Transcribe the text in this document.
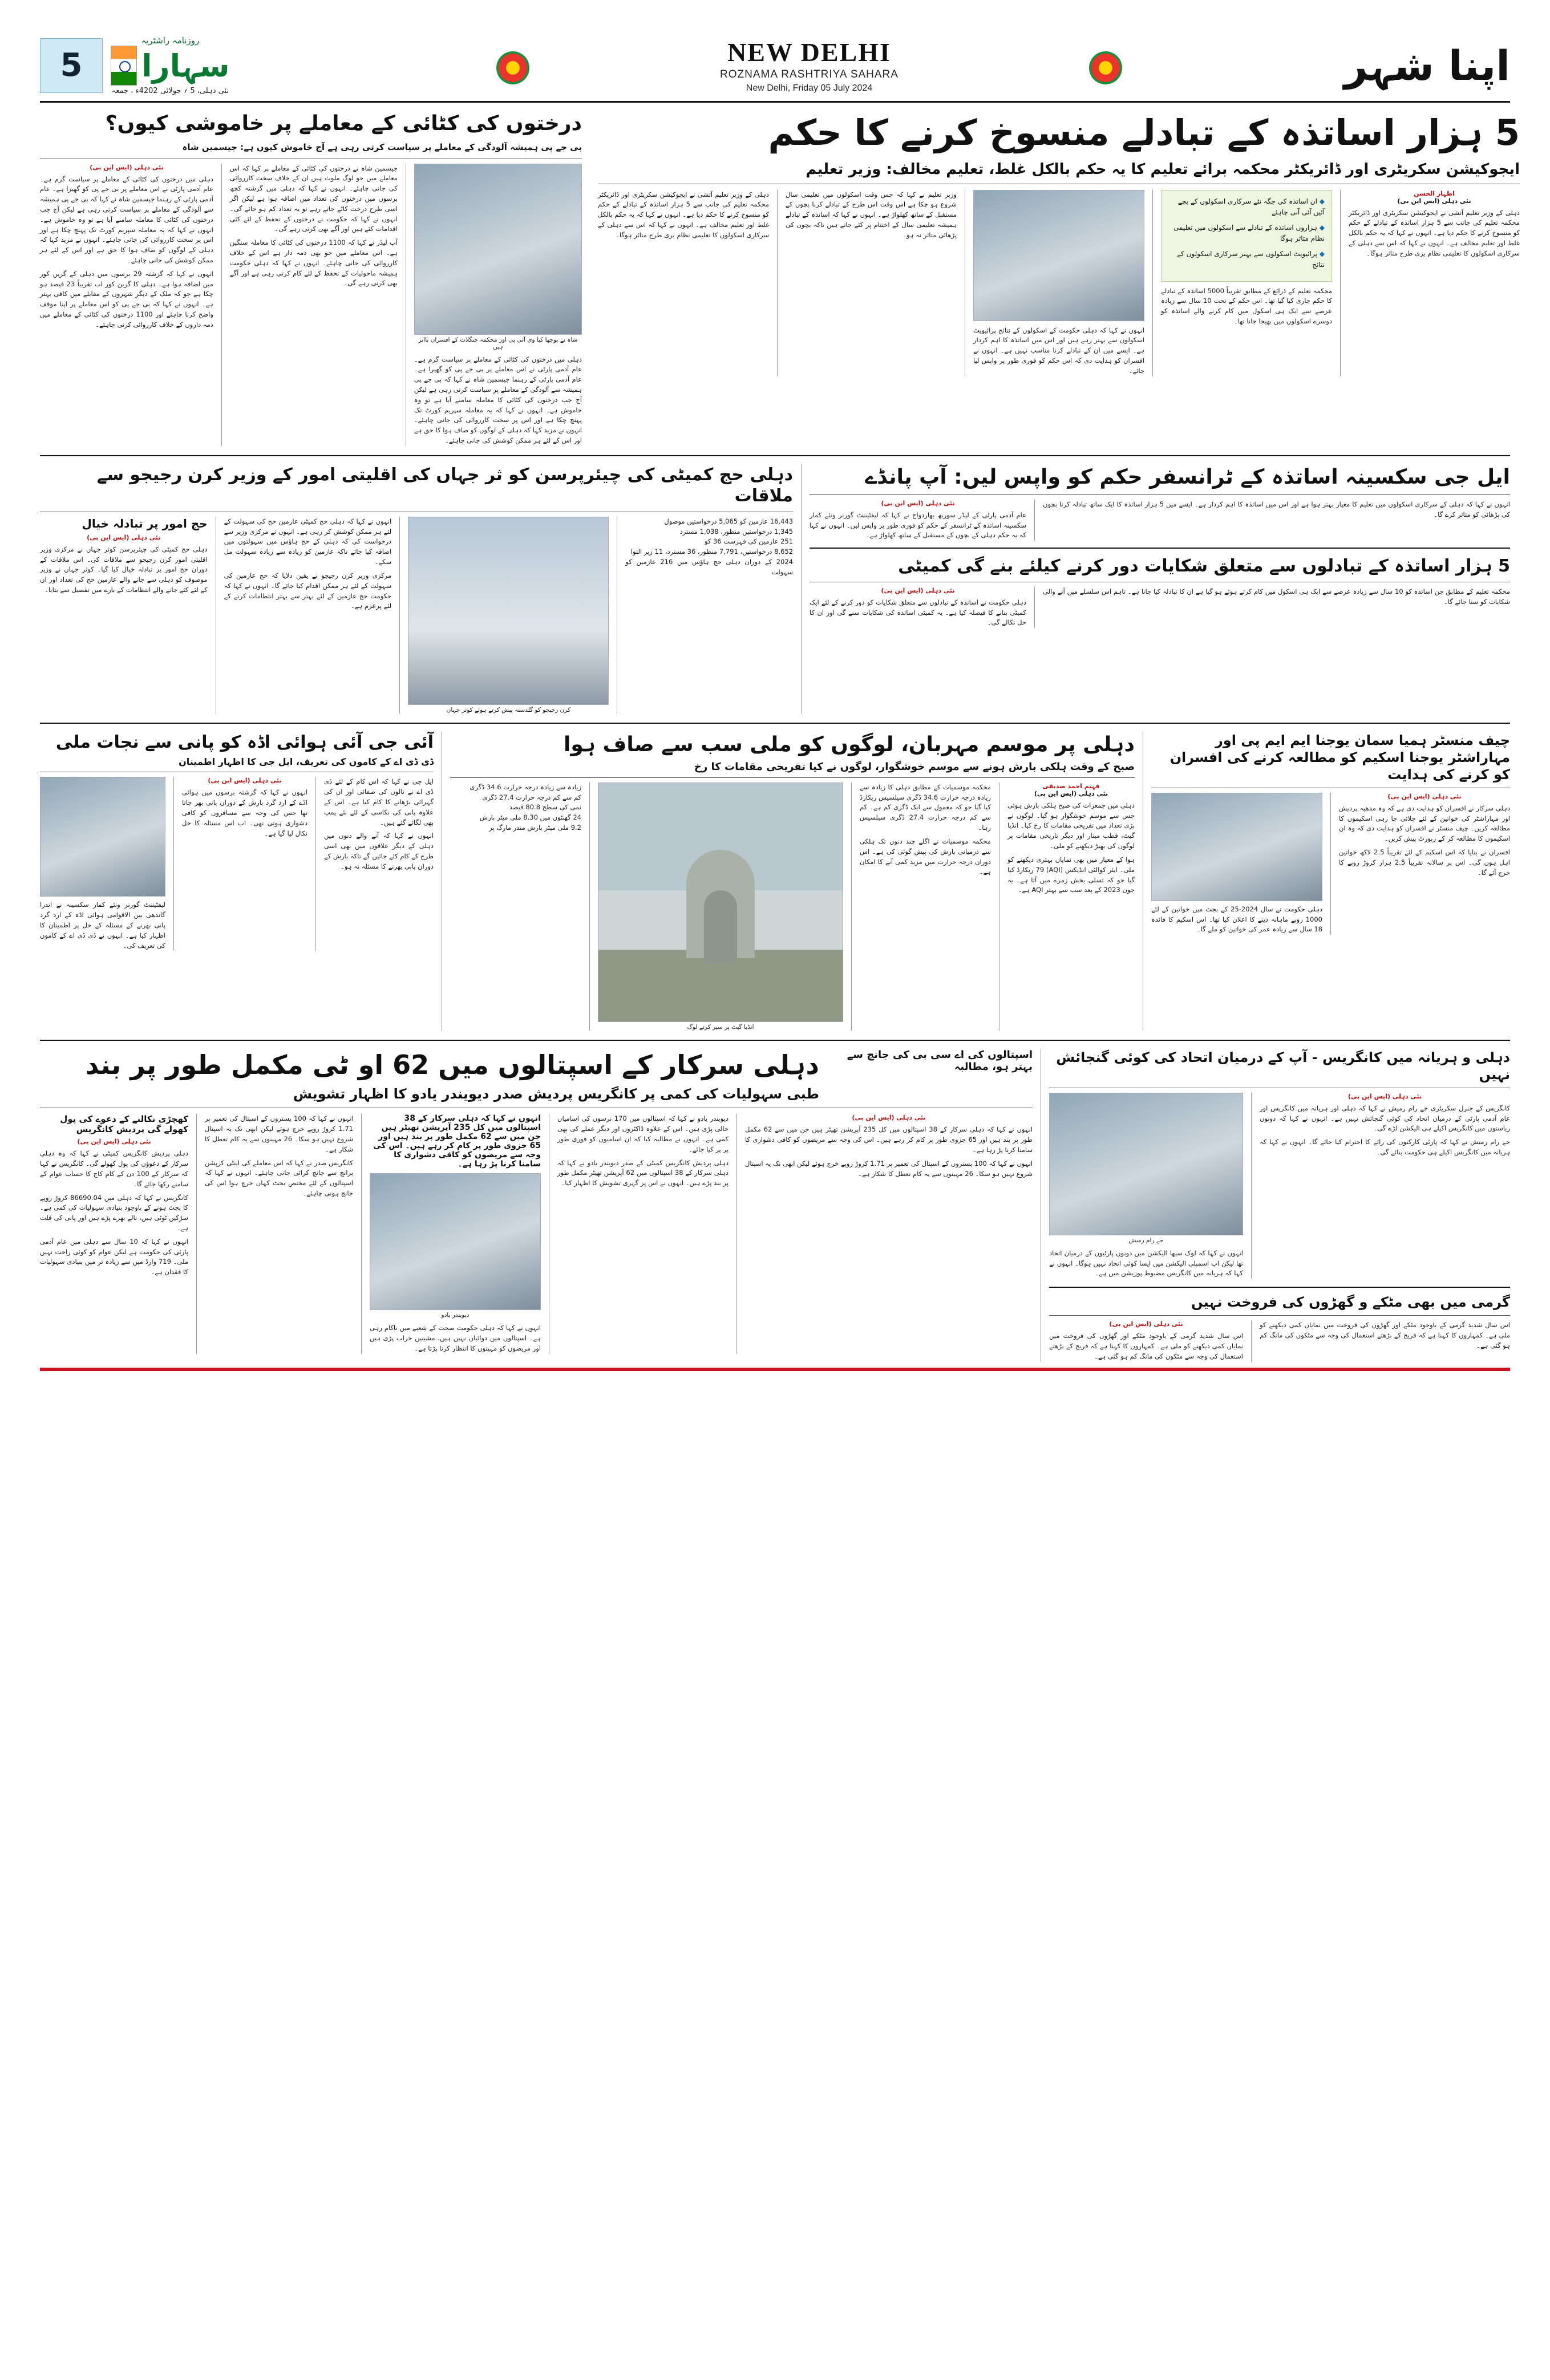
5
روزنامہ راشٹریہ
سہارا
نئی دہلی، 5 ؍ جولائی 2024ء ، جمعہ
NEW DELHI
ROZNAMA RASHTRIYA SAHARA
New Delhi, Friday 05 July 2024	اپنا شہر
درختوں کی کٹائی کے معاملے پر خاموشی کیوں؟
بی جے پی ہمیشہ آلودگی کے معاملے پر سیاست کرتی رہی ہے آج خاموش کیوں ہے: جیسمین شاہ
نئی دہلی (ایس این بی)
دہلی میں درختوں کی کٹائی کے معاملے پر سیاست گرم ہے۔ عام آدمی پارٹی نے اس معاملے پر بی جے پی کو گھیرا ہے۔ عام آدمی پارٹی کے رہنما جیسمین شاہ نے کہا کہ بی جے پی ہمیشہ سے آلودگی کے معاملے پر سیاست کرتی رہی ہے لیکن آج جب درختوں کی کٹائی کا معاملہ سامنے آیا ہے تو وہ خاموش ہے۔ انہوں نے کہا کہ یہ معاملہ سپریم کورٹ تک پہنچ چکا ہے اور اس پر سخت کارروائی کی جانی چاہئے۔ انہوں نے مزید کہا کہ دہلی کے لوگوں کو صاف ہوا کا حق ہے اور اس کے لئے ہر ممکن کوشش کی جانی چاہئے۔
انہوں نے کہا کہ گزشتہ 29 برسوں میں دہلی کے گرین کور میں اضافہ ہوا ہے۔ دہلی کا گرین کور اب تقریباً 23 فیصد ہو چکا ہے جو کہ ملک کے دیگر شہروں کے مقابلے میں کافی بہتر ہے۔ انہوں نے کہا کہ بی جے پی کو اس معاملے پر اپنا موقف واضح کرنا چاہئے اور 1100 درختوں کی کٹائی کے معاملے میں ذمہ داروں کے خلاف کارروائی کرنی چاہئے۔
جیسمین شاہ نے درختوں کی کٹائی کے معاملے پر کہا کہ اس معاملے میں جو لوگ ملوث ہیں ان کے خلاف سخت کارروائی کی جانی چاہئے۔ انہوں نے کہا کہ دہلی میں گزشتہ کچھ برسوں میں درختوں کی تعداد میں اضافہ ہوا ہے لیکن اگر اسی طرح درخت کاٹے جاتے رہے تو یہ تعداد کم ہو جائے گی۔ انہوں نے کہا کہ حکومت نے درختوں کے تحفظ کے لئے کئی اقدامات کئے ہیں اور آگے بھی کرتی رہے گی۔
آپ لیڈر نے کہا کہ 1100 درختوں کی کٹائی کا معاملہ سنگین ہے۔ اس معاملے میں جو بھی ذمہ دار ہے اس کے خلاف کارروائی کی جانی چاہئے۔ انہوں نے کہا کہ دہلی حکومت ہمیشہ ماحولیات کے تحفظ کے لئے کام کرتی رہی ہے اور آگے بھی کرتی رہے گی۔
شاہ نے پوچھا کیا وی آئی پی اور محکمہ جنگلات کے افسران بااثر ہیں
دہلی میں درختوں کی کٹائی کے معاملے پر سیاست گرم ہے۔ عام آدمی پارٹی نے اس معاملے پر بی جے پی کو گھیرا ہے۔ عام آدمی پارٹی کے رہنما جیسمین شاہ نے کہا کہ بی جے پی ہمیشہ سے آلودگی کے معاملے پر سیاست کرتی رہی ہے لیکن آج جب درختوں کی کٹائی کا معاملہ سامنے آیا ہے تو وہ خاموش ہے۔ انہوں نے کہا کہ یہ معاملہ سپریم کورٹ تک پہنچ چکا ہے اور اس پر سخت کارروائی کی جانی چاہئے۔ انہوں نے مزید کہا کہ دہلی کے لوگوں کو صاف ہوا کا حق ہے اور اس کے لئے ہر ممکن کوشش کی جانی چاہئے۔
5 ہزار اساتذہ کے تبادلے منسوخ کرنے کا حکم
ایجوکیشن سکریٹری اور ڈائریکٹر محکمہ برائے تعلیم کا یہ حکم بالکل غلط، تعلیم مخالف: وزیر تعلیم
دہلی کے وزیر تعلیم آتشی نے ایجوکیشن سکریٹری اور ڈائریکٹر محکمہ تعلیم کی جانب سے 5 ہزار اساتذہ کے تبادلے کے حکم کو منسوخ کرنے کا حکم دیا ہے۔ انہوں نے کہا کہ یہ حکم بالکل غلط اور تعلیم مخالف ہے۔ انہوں نے کہا کہ اس سے دہلی کے سرکاری اسکولوں کا تعلیمی نظام بری طرح متاثر ہوگا۔
وزیر تعلیم نے کہا کہ جس وقت اسکولوں میں تعلیمی سال شروع ہو چکا ہے اس وقت اس طرح کے تبادلے کرنا بچوں کے مستقبل کے ساتھ کھلواڑ ہے۔ انہوں نے کہا کہ اساتذہ کے تبادلے ہمیشہ تعلیمی سال کے اختتام پر کئے جاتے ہیں تاکہ بچوں کی پڑھائی متاثر نہ ہو۔
انہوں نے کہا کہ دہلی حکومت کے اسکولوں کے نتائج پرائیویٹ اسکولوں سے بہتر رہے ہیں اور اس میں اساتذہ کا اہم کردار ہے۔ ایسے میں ان کے تبادلے کرنا مناسب نہیں ہے۔ انہوں نے افسران کو ہدایت دی کہ اس حکم کو فوری طور پر واپس لیا جائے۔
◆ ان اساتذہ کی جگہ نئے سرکاری اسکولوں کے بچے آئیں آئی آنی چاہئے
◆ ہزاروں اساتذہ کے تبادلے سے اسکولوں میں تعلیمی نظام متاثر ہوگا
◆ پرائیویٹ اسکولوں سے بہتر سرکاری اسکولوں کے نتائج
محکمہ تعلیم کے ذرائع کے مطابق تقریباً 5000 اساتذہ کے تبادلے کا حکم جاری کیا گیا تھا۔ اس حکم کے تحت 10 سال سے زیادہ عرصے سے ایک ہی اسکول میں کام کرنے والے اساتذہ کو دوسرے اسکولوں میں بھیجا جانا تھا۔
اظہار الحسن
نئی دہلی (ایس این بی)
دہلی کے وزیر تعلیم آتشی نے ایجوکیشن سکریٹری اور ڈائریکٹر محکمہ تعلیم کی جانب سے 5 ہزار اساتذہ کے تبادلے کے حکم کو منسوخ کرنے کا حکم دیا ہے۔ انہوں نے کہا کہ یہ حکم بالکل غلط اور تعلیم مخالف ہے۔ انہوں نے کہا کہ اس سے دہلی کے سرکاری اسکولوں کا تعلیمی نظام بری طرح متاثر ہوگا۔
دہلی حج کمیٹی کی چیئرپرسن کو ثر جہاں کی اقلیتی امور کے وزیر کرن رجیجو سے ملاقات
حج امور پر تبادلہ خیال
نئی دہلی (ایس این بی)
دہلی حج کمیٹی کی چیئرپرسن کوثر جہاں نے مرکزی وزیر اقلیتی امور کرن رجیجو سے ملاقات کی۔ اس ملاقات کے دوران حج امور پر تبادلہ خیال کیا گیا۔ کوثر جہاں نے وزیر موصوف کو دہلی سے جانے والے عازمین حج کی تعداد اور ان کے لئے کئے جانے والے انتظامات کے بارے میں تفصیل سے بتایا۔
انہوں نے کہا کہ دہلی حج کمیٹی عازمین حج کی سہولت کے لئے ہر ممکن کوشش کر رہی ہے۔ انہوں نے مرکزی وزیر سے درخواست کی کہ دہلی کے حج ہاؤس میں سہولتوں میں اضافہ کیا جائے تاکہ عازمین کو زیادہ سے زیادہ سہولت مل سکے۔
مرکزی وزیر کرن رجیجو نے یقین دلایا کہ حج عازمین کی سہولت کے لئے ہر ممکن اقدام کیا جائے گا۔ انہوں نے کہا کہ حکومت حج عازمین کے لئے بہتر سے بہتر انتظامات کرنے کے لئے پرعزم ہے۔
کرن رجیجو کو گلدستہ پیش کرتے ہوئے کوثر جہاں
16,443 عازمین کو 5,065 درخواستیں موصول
1,345 درخواستیں منظور، 1,038 مسترد
251 عازمین کی فہرست 36 کو
8,652 درخواستیں، 7,791 منظور، 36 مسترد، 11 زیر التوا
2024 کے دوران دہلی حج ہاؤس میں 216 عازمین کو سہولت
ایل جی سکسینہ اساتذہ کے ٹرانسفر حکم کو واپس لیں: آپ پانڈے
نئی دہلی (ایس این بی)
عام آدمی پارٹی کے لیڈر سوربھ بھاردواج نے کہا کہ لیفٹیننٹ گورنر ونئے کمار سکسینہ اساتذہ کے ٹرانسفر کے حکم کو فوری طور پر واپس لیں۔ انہوں نے کہا کہ یہ حکم دہلی کے بچوں کے مستقبل کے ساتھ کھلواڑ ہے۔
انہوں نے کہا کہ دہلی کے سرکاری اسکولوں میں تعلیم کا معیار بہتر ہوا ہے اور اس میں اساتذہ کا اہم کردار ہے۔ ایسے میں 5 ہزار اساتذہ کا ایک ساتھ تبادلہ کرنا بچوں کی پڑھائی کو متاثر کرے گا۔
5 ہزار اساتذہ کے تبادلوں سے متعلق شکایات دور کرنے کیلئے بنے گی کمیٹی
نئی دہلی (ایس این بی)
دہلی حکومت نے اساتذہ کے تبادلوں سے متعلق شکایات کو دور کرنے کے لئے ایک کمیٹی بنانے کا فیصلہ کیا ہے۔ یہ کمیٹی اساتذہ کی شکایات سنے گی اور ان کا حل نکالے گی۔
محکمہ تعلیم کے مطابق جن اساتذہ کو 10 سال سے زیادہ عرصے سے ایک ہی اسکول میں کام کرتے ہوئے ہو گیا ہے ان کا تبادلہ کیا جانا ہے۔ تاہم اس سلسلے میں آنے والی شکایات کو سنا جائے گا۔
آئی جی آئی ہوائی اڈہ کو پانی سے نجات ملی
ڈی ڈی اے کے کاموں کی تعریف، ایل جی کا اظہار اطمینان
لیفٹیننٹ گورنر ونئے کمار سکسینہ نے اندرا گاندھی بین الاقوامی ہوائی اڈہ کے ارد گرد پانی بھرنے کے مسئلہ کے حل پر اطمینان کا اظہار کیا ہے۔ انہوں نے ڈی ڈی اے کے کاموں کی تعریف کی۔
نئی دہلی (ایس این بی)
انہوں نے کہا کہ گزشتہ برسوں میں ہوائی اڈے کے ارد گرد بارش کے دوران پانی بھر جاتا تھا جس کی وجہ سے مسافروں کو کافی دشواری ہوتی تھی۔ اب اس مسئلہ کا حل نکال لیا گیا ہے۔
ایل جی نے کہا کہ اس کام کے لئے ڈی ڈی اے نے نالوں کی صفائی اور ان کی گہرائی بڑھانے کا کام کیا ہے۔ اس کے علاوہ پانی کی نکاسی کے لئے نئے پمپ بھی لگائے گئے ہیں۔
انہوں نے کہا کہ آنے والے دنوں میں دہلی کے دیگر علاقوں میں بھی اسی طرح کے کام کئے جائیں گے تاکہ بارش کے دوران پانی بھرنے کا مسئلہ نہ ہو۔
دہلی پر موسم مہربان، لوگوں کو ملی سب سے صاف ہوا
صبح کے وقت ہلکی بارش ہونے سے موسم خوشگوار، لوگوں نے کیا تفریحی مقامات کا رخ
زیادہ سے زیادہ درجہ حرارت 34.6 ڈگری
کم سے کم درجہ حرارت 27.4 ڈگری
نمی کی سطح 80.8 فیصد
24 گھنٹوں میں 8.30 ملی میٹر بارش
9.2 ملی میٹر بارش مندر مارگ پر
انڈیا گیٹ پر سیر کرتے لوگ
محکمہ موسمیات کے مطابق دہلی کا زیادہ سے زیادہ درجہ حرارت 34.6 ڈگری سیلسیس ریکارڈ کیا گیا جو کہ معمول سے ایک ڈگری کم ہے۔ کم سے کم درجہ حرارت 27.4 ڈگری سیلسیس رہا۔
محکمہ موسمیات نے اگلے چند دنوں تک ہلکی سے درمیانی بارش کی پیش گوئی کی ہے۔ اس دوران درجہ حرارت میں مزید کمی آنے کا امکان ہے۔
فہیم احمد صدیقی
نئی دہلی (ایس این بی)
دہلی میں جمعرات کی صبح ہلکی بارش ہوئی جس سے موسم خوشگوار ہو گیا۔ لوگوں نے بڑی تعداد میں تفریحی مقامات کا رخ کیا۔ انڈیا گیٹ، قطب مینار اور دیگر تاریخی مقامات پر لوگوں کی بھیڑ دیکھنے کو ملی۔
ہوا کے معیار میں بھی نمایاں بہتری دیکھنے کو ملی۔ ایئر کوالٹی انڈیکس (AQI) 79 ریکارڈ کیا گیا جو کہ تسلی بخش زمرے میں آتا ہے۔ یہ جون 2023 کے بعد سب سے بہتر AQI ہے۔
چیف منسٹر ہمیا سمان یوجنا ایم ایم پی اور مہاراشٹر یوجنا اسکیم کو مطالعہ کرنے کی افسران کو کرنے کی ہدایت
دہلی حکومت نے سال 2024-25 کے بجٹ میں خواتین کے لئے 1000 روپے ماہانہ دینے کا اعلان کیا تھا۔ اس اسکیم کا فائدہ 18 سال سے زیادہ عمر کی خواتین کو ملے گا۔
نئی دہلی (ایس این بی)
دہلی سرکار نے افسران کو ہدایت دی ہے کہ وہ مدھیہ پردیش اور مہاراشٹر کی خواتین کے لئے چلائی جا رہی اسکیموں کا مطالعہ کریں۔ چیف منسٹر نے افسران کو ہدایت دی کہ وہ ان اسکیموں کا مطالعہ کر کے رپورٹ پیش کریں۔
افسران نے بتایا کہ اس اسکیم کے لئے تقریباً 2.5 لاکھ خواتین اہل ہوں گی۔ اس پر سالانہ تقریباً 2.5 ہزار کروڑ روپے کا خرچ آئے گا۔
دہلی سرکار کے اسپتالوں میں 62 او ٹی مکمل طور پر بند
طبی سہولیات کی کمی پر کانگریس پردیش صدر دیویندر یادو کا اظہار تشویش
اسپتالوں کی اے سی بی کی جانچ سے بہتر ہو، مطالبہ
کھچڑی نکالنے کے دعوے کی پول کھولے گی پردیش کانگریس
نئی دہلی (ایس این بی)
دہلی پردیش کانگریس کمیٹی نے کہا کہ وہ دہلی سرکار کے دعوؤں کی پول کھولے گی۔ کانگریس نے کہا کہ سرکار کے 100 دن کے کام کاج کا حساب عوام کے سامنے رکھا جائے گا۔
کانگریس نے کہا کہ دہلی میں 86690.04 کروڑ روپے کا بجٹ ہونے کے باوجود بنیادی سہولیات کی کمی ہے۔ سڑکیں ٹوٹی ہیں، نالے بھرے پڑے ہیں اور پانی کی قلت ہے۔
انہوں نے کہا کہ 10 سال سے دہلی میں عام آدمی پارٹی کی حکومت ہے لیکن عوام کو کوئی راحت نہیں ملی۔ 719 وارڈ میں سے زیادہ تر میں بنیادی سہولیات کا فقدان ہے۔
انہوں نے کہا کہ 100 بستروں کے اسپتال کی تعمیر پر 1.71 کروڑ روپے خرچ ہوئے لیکن ابھی تک یہ اسپتال شروع نہیں ہو سکا۔ 26 مہینوں سے یہ کام تعطل کا شکار ہے۔
کانگریس صدر نے کہا کہ اس معاملے کی اینٹی کرپشن برانچ سے جانچ کرائی جانی چاہئے۔ انہوں نے کہا کہ اسپتالوں کے لئے مختص بجٹ کہاں خرچ ہوا اس کی جانچ ہونی چاہئے۔
انہوں نے کہا کہ دہلی سرکار کے 38 اسپتالوں میں کل 235 آپریشن تھیٹر ہیں جن میں سے 62 مکمل طور پر بند ہیں اور 65 جزوی طور پر کام کر رہے ہیں۔ اس کی وجہ سے مریضوں کو کافی دشواری کا سامنا کرنا پڑ رہا ہے۔
دیویندر یادو
انہوں نے کہا کہ دہلی حکومت صحت کے شعبے میں ناکام رہی ہے۔ اسپتالوں میں دوائیاں نہیں ہیں، مشینیں خراب پڑی ہیں اور مریضوں کو مہینوں کا انتظار کرنا پڑتا ہے۔
دیویندر یادو نے کہا کہ اسپتالوں میں 170 نرسوں کی اسامیاں خالی پڑی ہیں۔ اس کے علاوہ ڈاکٹروں اور دیگر عملے کی بھی کمی ہے۔ انہوں نے مطالبہ کیا کہ ان اسامیوں کو فوری طور پر پر کیا جائے۔
دہلی پردیش کانگریس کمیٹی کے صدر دیویندر یادو نے کہا کہ دہلی سرکار کے 38 اسپتالوں میں 62 آپریشن تھیٹر مکمل طور پر بند پڑے ہیں۔ انہوں نے اس پر گہری تشویش کا اظہار کیا۔
نئی دہلی (ایس این بی)
انہوں نے کہا کہ دہلی سرکار کے 38 اسپتالوں میں کل 235 آپریشن تھیٹر ہیں جن میں سے 62 مکمل طور پر بند ہیں اور 65 جزوی طور پر کام کر رہے ہیں۔ اس کی وجہ سے مریضوں کو کافی دشواری کا سامنا کرنا پڑ رہا ہے۔
انہوں نے کہا کہ 100 بستروں کے اسپتال کی تعمیر پر 1.71 کروڑ روپے خرچ ہوئے لیکن ابھی تک یہ اسپتال شروع نہیں ہو سکا۔ 26 مہینوں سے یہ کام تعطل کا شکار ہے۔
دہلی و ہریانہ میں کانگریس - آپ کے درمیان اتحاد کی کوئی گنجائش نہیں
جے رام رمیش
انہوں نے کہا کہ لوک سبھا الیکشن میں دونوں پارٹیوں کے درمیان اتحاد تھا لیکن اب اسمبلی الیکشن میں ایسا کوئی اتحاد نہیں ہوگا۔ انہوں نے کہا کہ ہریانہ میں کانگریس مضبوط پوزیشن میں ہے۔
نئی دہلی (ایس این بی)
کانگریس کے جنرل سکریٹری جے رام رمیش نے کہا کہ دہلی اور ہریانہ میں کانگریس اور عام آدمی پارٹی کے درمیان اتحاد کی کوئی گنجائش نہیں ہے۔ انہوں نے کہا کہ دونوں ریاستوں میں کانگریس اکیلے ہی الیکشن لڑے گی۔
جے رام رمیش نے کہا کہ پارٹی کارکنوں کی رائے کا احترام کیا جائے گا۔ انہوں نے کہا کہ ہریانہ میں کانگریس اکیلے ہی حکومت بنائے گی۔
گرمی میں بھی مٹکے و گھڑوں کی فروخت نہیں
نئی دہلی (ایس این بی)
اس سال شدید گرمی کے باوجود مٹکے اور گھڑوں کی فروخت میں نمایاں کمی دیکھنے کو ملی ہے۔ کمہاروں کا کہنا ہے کہ فریج کے بڑھتے استعمال کی وجہ سے مٹکوں کی مانگ کم ہو گئی ہے۔
اس سال شدید گرمی کے باوجود مٹکے اور گھڑوں کی فروخت میں نمایاں کمی دیکھنے کو ملی ہے۔ کمہاروں کا کہنا ہے کہ فریج کے بڑھتے استعمال کی وجہ سے مٹکوں کی مانگ کم ہو گئی ہے۔
